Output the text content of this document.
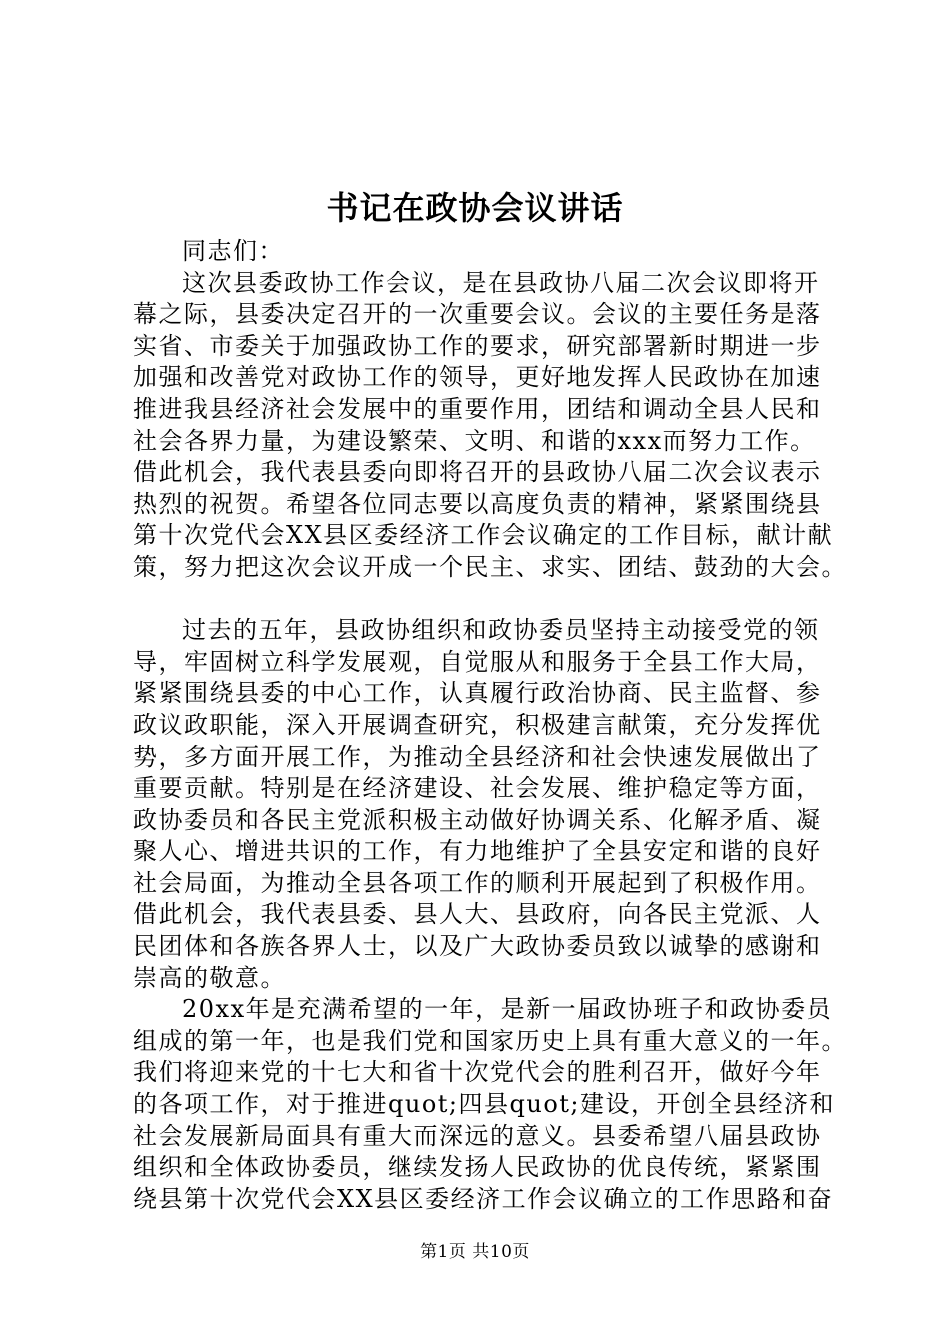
书记在政协会议讲话
同志们：
这次县委政协工作会议，是在县政协八届二次会议即将开
幕之际，县委决定召开的一次重要会议。会议的主要任务是落
实省、市委关于加强政协工作的要求，研究部署新时期进一步
加强和改善党对政协工作的领导，更好地发挥人民政协在加速
推进我县经济社会发展中的重要作用，团结和调动全县人民和
社会各界力量，为建设繁荣、文明、和谐的xxx而努力工作。
借此机会，我代表县委向即将召开的县政协八届二次会议表示
热烈的祝贺。希望各位同志要以高度负责的精神，紧紧围绕县
第十次党代会XX县区委经济工作会议确定的工作目标，献计献
策，努力把这次会议开成一个民主、求实、团结、鼓劲的大会。
过去的五年，县政协组织和政协委员坚持主动接受党的领
导，牢固树立科学发展观，自觉服从和服务于全县工作大局，
紧紧围绕县委的中心工作，认真履行政治协商、民主监督、参
政议政职能，深入开展调查研究，积极建言献策，充分发挥优
势，多方面开展工作，为推动全县经济和社会快速发展做出了
重要贡献。特别是在经济建设、社会发展、维护稳定等方面，
政协委员和各民主党派积极主动做好协调关系、化解矛盾、凝
聚人心、增进共识的工作，有力地维护了全县安定和谐的良好
社会局面，为推动全县各项工作的顺利开展起到了积极作用。
借此机会，我代表县委、县人大、县政府，向各民主党派、人
民团体和各族各界人士，以及广大政协委员致以诚挚的感谢和
崇高的敬意。
20xx年是充满希望的一年，是新一届政协班子和政协委员
组成的第一年，也是我们党和国家历史上具有重大意义的一年。
我们将迎来党的十七大和省十次党代会的胜利召开，做好今年
的各项工作，对于推进quot;四县quot;建设，开创全县经济和
社会发展新局面具有重大而深远的意义。县委希望八届县政协
组织和全体政协委员，继续发扬人民政协的优良传统，紧紧围
绕县第十次党代会XX县区委经济工作会议确立的工作思路和奋
第1页 共10页
